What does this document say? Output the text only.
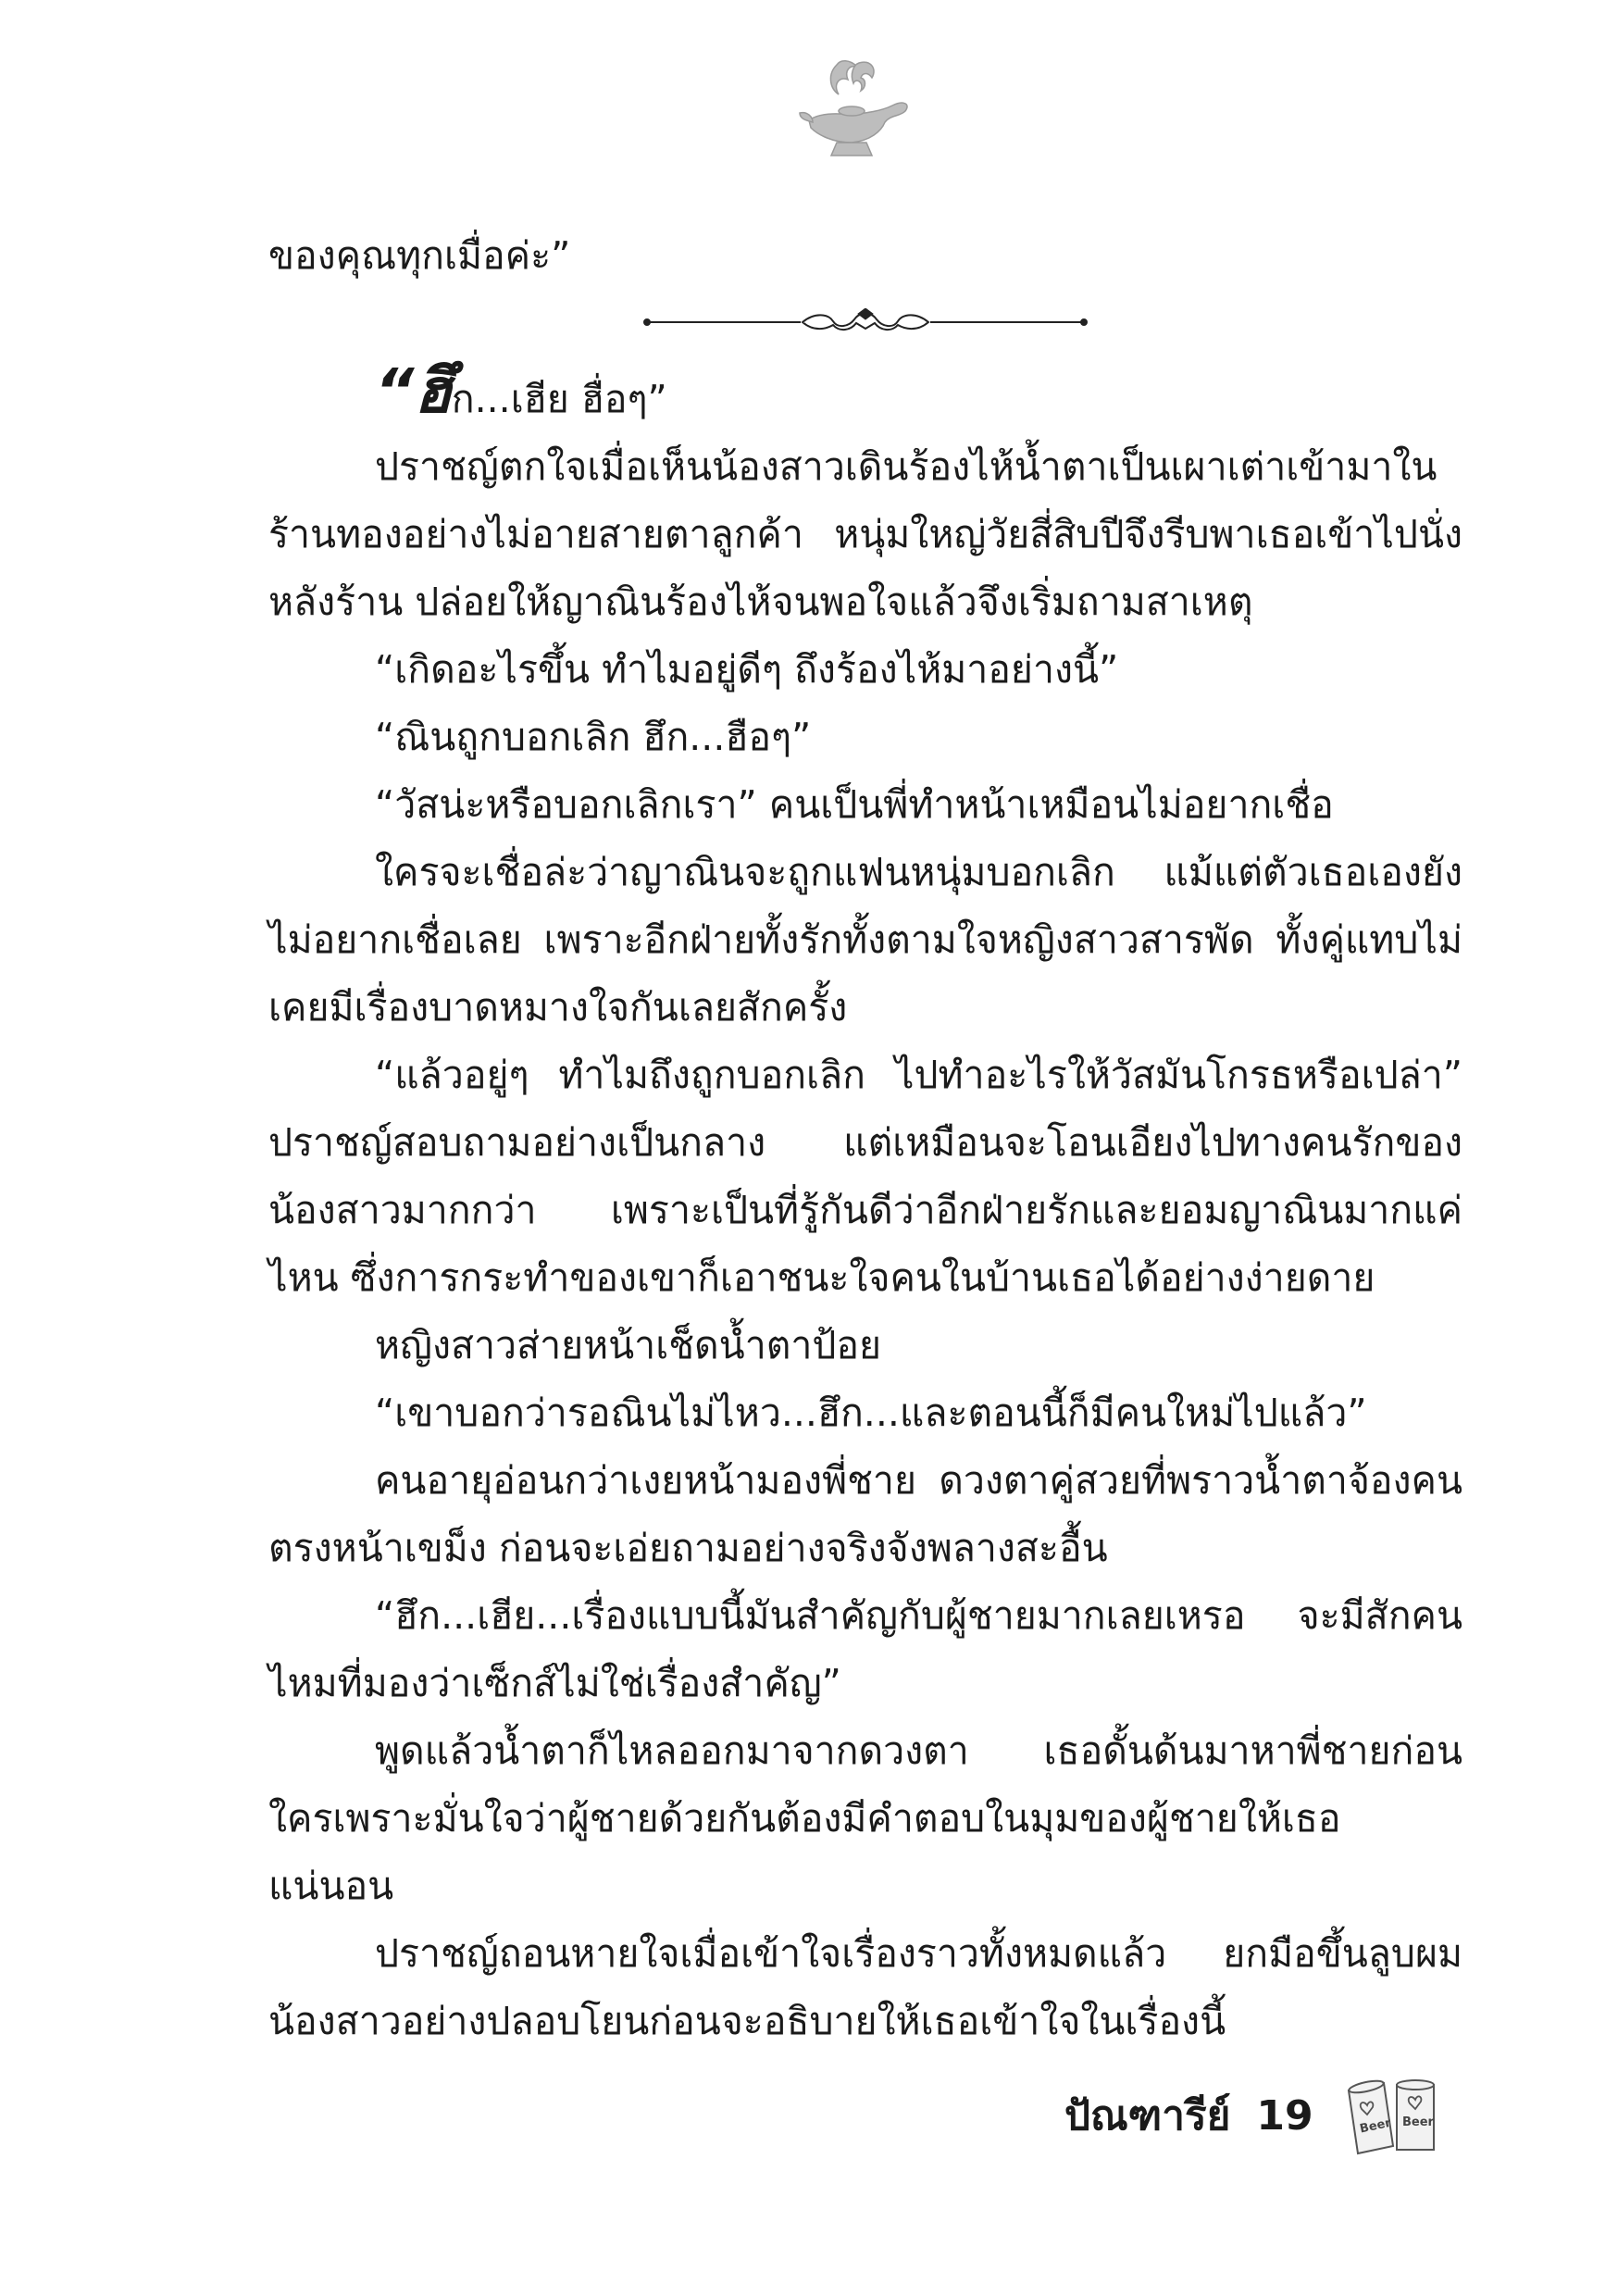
ของคุณทุกเมื่อค่ะ”

“ฮึก...เฮีย ฮื่อๆ”

ปราชญ์ตกใจเมื่อเห็นน้องสาวเดินร้องไห้น้ำตาเป็นเผาเต่าเข้ามาในร้านทองอย่างไม่อายสายตาลูกค้า หนุ่มใหญ่วัยสี่สิบปีจึงรีบพาเธอเข้าไปนั่งหลังร้าน ปล่อยให้ญาณินร้องไห้จนพอใจแล้วจึงเริ่มถามสาเหตุ

“เกิดอะไรขึ้น ทำไมอยู่ดีๆ ถึงร้องไห้มาอย่างนี้”

“ณินถูกบอกเลิก ฮึก...ฮือๆ”

“วัสน่ะหรือบอกเลิกเรา” คนเป็นพี่ทำหน้าเหมือนไม่อยากเชื่อ

ใครจะเชื่อล่ะว่าญาณินจะถูกแฟนหนุ่มบอกเลิก แม้แต่ตัวเธอเองยังไม่อยากเชื่อเลย เพราะอีกฝ่ายทั้งรักทั้งตามใจหญิงสาวสารพัด ทั้งคู่แทบไม่เคยมีเรื่องบาดหมางใจกันเลยสักครั้ง

“แล้วอยู่ๆ ทำไมถึงถูกบอกเลิก ไปทำอะไรให้วัสมันโกรธหรือเปล่า” ปราชญ์สอบถามอย่างเป็นกลาง แต่เหมือนจะโอนเอียงไปทางคนรักของน้องสาวมากกว่า เพราะเป็นที่รู้กันดีว่าอีกฝ่ายรักและยอมญาณินมากแค่ไหน ซึ่งการกระทำของเขาก็เอาชนะใจคนในบ้านเธอได้อย่างง่ายดาย

หญิงสาวส่ายหน้าเช็ดน้ำตาป้อย

“เขาบอกว่ารอณินไม่ไหว...ฮึก...และตอนนี้ก็มีคนใหม่ไปแล้ว”

คนอายุอ่อนกว่าเงยหน้ามองพี่ชาย ดวงตาคู่สวยที่พราวน้ำตาจ้องคนตรงหน้าเขม็ง ก่อนจะเอ่ยถามอย่างจริงจังพลางสะอื้น

“ฮึก...เฮีย...เรื่องแบบนี้มันสำคัญกับผู้ชายมากเลยเหรอ จะมีสักคนไหมที่มองว่าเซ็กส์ไม่ใช่เรื่องสำคัญ”

พูดแล้วน้ำตาก็ไหลออกมาจากดวงตา เธอดั้นด้นมาหาพี่ชายก่อนใครเพราะมั่นใจว่าผู้ชายด้วยกันต้องมีคำตอบในมุมของผู้ชายให้เธอแน่นอน

ปราชญ์ถอนหายใจเมื่อเข้าใจเรื่องราวทั้งหมดแล้ว ยกมือขึ้นลูบผมน้องสาวอย่างปลอบโยนก่อนจะอธิบายให้เธอเข้าใจในเรื่องนี้

ปัณฑารีย์ 19	Beer Beer
